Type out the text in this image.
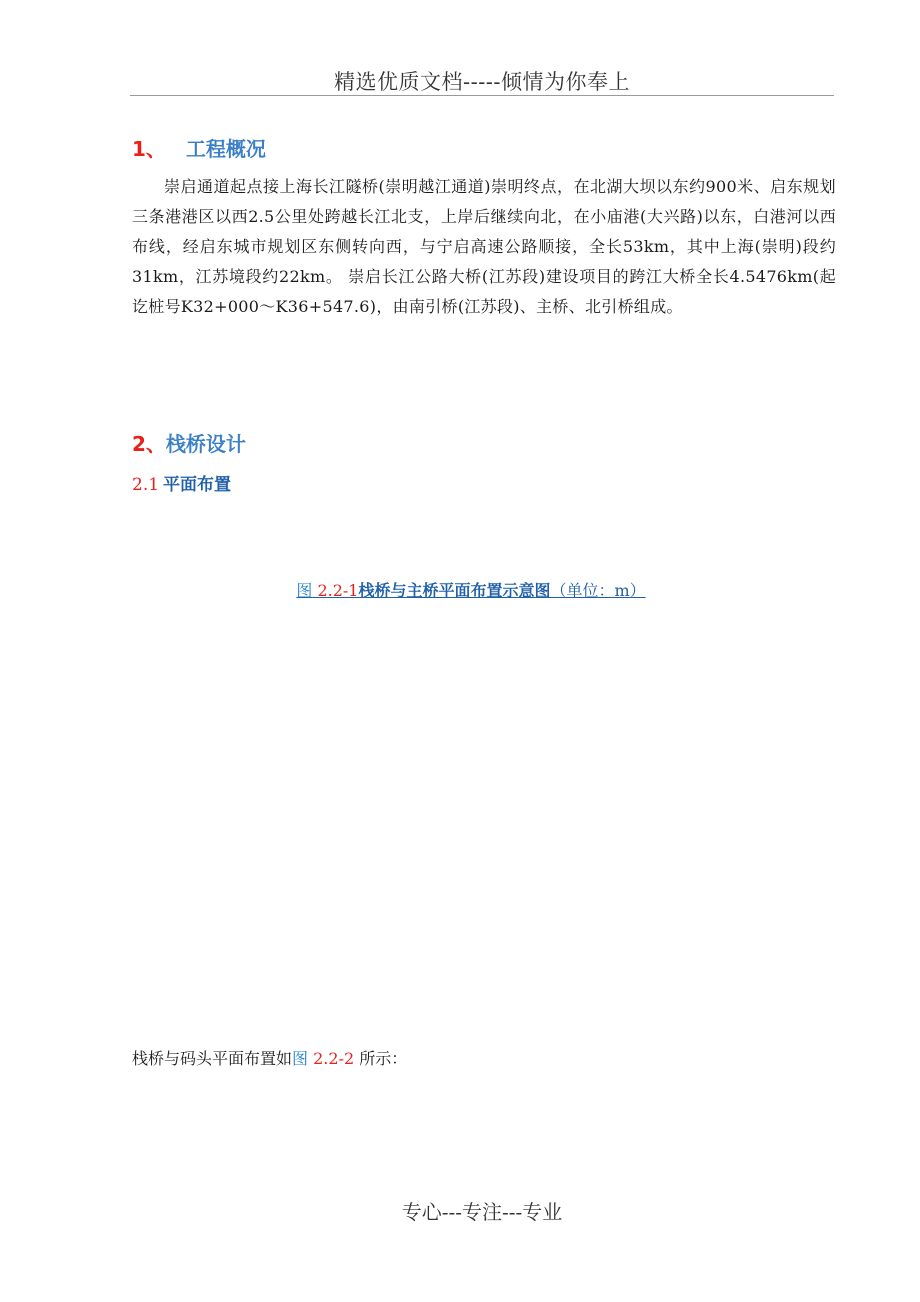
精选优质文档-----倾情为你奉上
1、 工程概况
崇启通道起点接上海长江隧桥(崇明越江通道)崇明终点，在北湖大坝以东约900米、启东规划三条港港区以西2.5公里处跨越长江北支，上岸后继续向北，在小庙港(大兴路)以东，白港河以西布线，经启东城市规划区东侧转向西，与宁启高速公路顺接，全长53km，其中上海(崇明)段约31km，江苏境段约22km。 崇启长江公路大桥(江苏段)建设项目的跨江大桥全长4.5476km(起讫桩号K32+000～K36+547.6)，由南引桥(江苏段)、主桥、北引桥组成。
2、栈桥设计
2.1 平面布置
图 2.2-1栈桥与主桥平面布置示意图（单位：m）
栈桥与码头平面布置如图 2.2-2 所示：
专心---专注---专业
